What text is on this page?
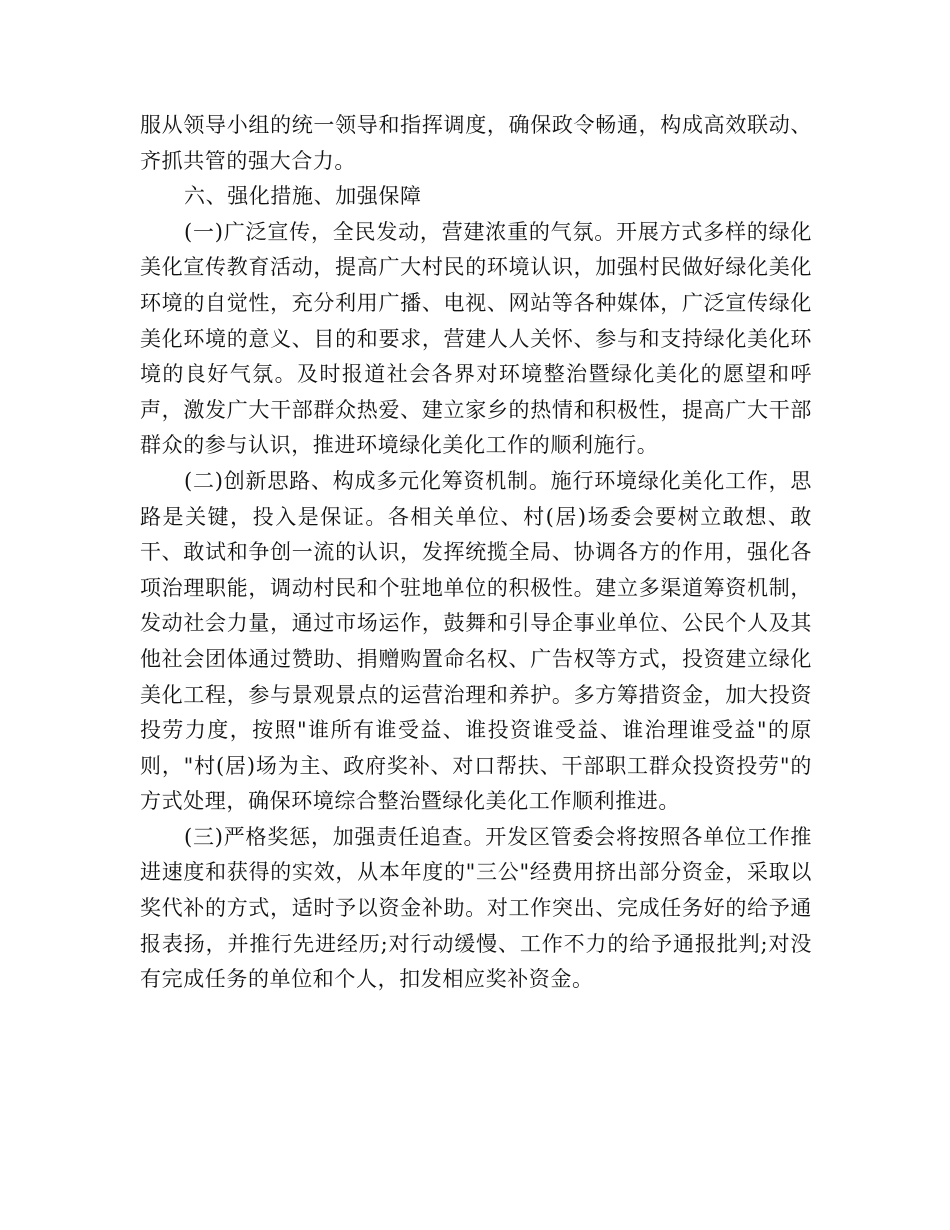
服从领导小组的统一领导和指挥调度，确保政令畅通，构成高效联动、齐抓共管的强大合力。

六、强化措施、加强保障

(一)广泛宣传，全民发动，营建浓重的气氛。开展方式多样的绿化美化宣传教育活动，提高广大村民的环境认识，加强村民做好绿化美化环境的自觉性，充分利用广播、电视、网站等各种媒体，广泛宣传绿化美化环境的意义、目的和要求，营建人人关怀、参与和支持绿化美化环境的良好气氛。及时报道社会各界对环境整治暨绿化美化的愿望和呼声，激发广大干部群众热爱、建立家乡的热情和积极性，提高广大干部群众的参与认识，推进环境绿化美化工作的顺利施行。

(二)创新思路、构成多元化筹资机制。施行环境绿化美化工作，思路是关键，投入是保证。各相关单位、村(居)场委会要树立敢想、敢干、敢试和争创一流的认识，发挥统揽全局、协调各方的作用，强化各项治理职能，调动村民和个驻地单位的积极性。建立多渠道筹资机制，发动社会力量，通过市场运作，鼓舞和引导企事业单位、公民个人及其他社会团体通过赞助、捐赠购置命名权、广告权等方式，投资建立绿化美化工程，参与景观景点的运营治理和养护。多方筹措资金，加大投资投劳力度，按照"谁所有谁受益、谁投资谁受益、谁治理谁受益"的原则，"村(居)场为主、政府奖补、对口帮扶、干部职工群众投资投劳"的方式处理，确保环境综合整治暨绿化美化工作顺利推进。

(三)严格奖惩，加强责任追查。开发区管委会将按照各单位工作推进速度和获得的实效，从本年度的"三公"经费用挤出部分资金，采取以奖代补的方式，适时予以资金补助。对工作突出、完成任务好的给予通报表扬，并推行先进经历;对行动缓慢、工作不力的给予通报批判;对没有完成任务的单位和个人，扣发相应奖补资金。
